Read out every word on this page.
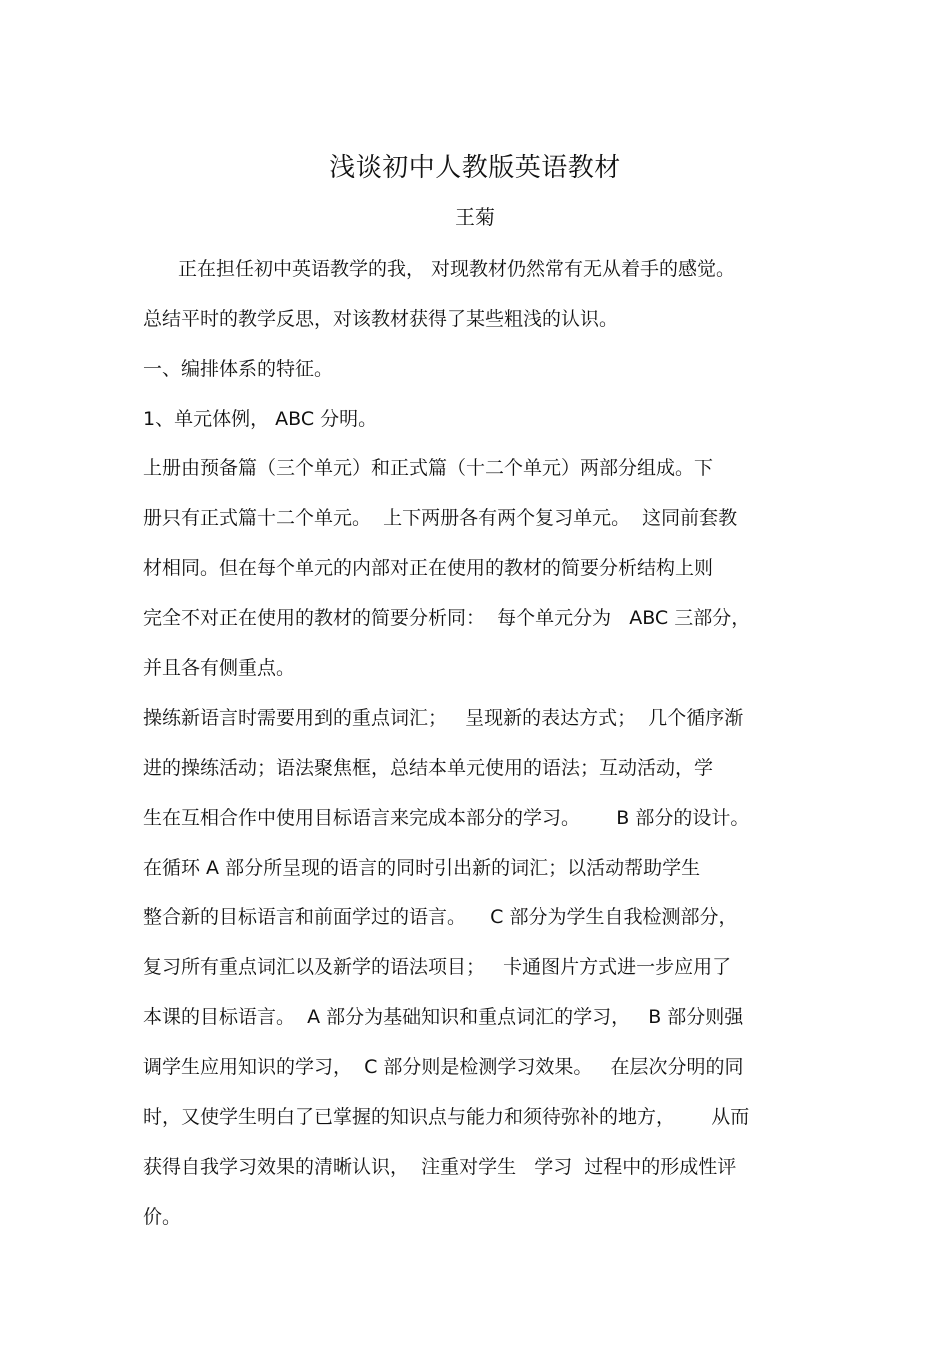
浅谈初中人教版英语教材
王菊
正在担任初中英语教学的我， 对现教材仍然常有无从着手的感觉。
总结平时的教学反思，对该教材获得了某些粗浅的认识。
一、编排体系的特征。
1、单元体例， ABC 分明。
上册由预备篇（三个单元）和正式篇（十二个单元）两部分组成。下
册只有正式篇十二个单元。  上下两册各有两个复习单元。  这同前套教
材相同。但在每个单元的内部对正在使用的教材的简要分析结构上则
完全不对正在使用的教材的简要分析同：  每个单元分为   ABC 三部分，
并且各有侧重点。
操练新语言时需要用到的重点词汇；   呈现新的表达方式；  几个循序渐
进的操练活动；语法聚焦框，总结本单元使用的语法；互动活动，学
生在互相合作中使用目标语言来完成本部分的学习。      B 部分的设计。
在循环 A 部分所呈现的语言的同时引出新的词汇；以活动帮助学生
整合新的目标语言和前面学过的语言。    C 部分为学生自我检测部分，
复习所有重点词汇以及新学的语法项目；   卡通图片方式进一步应用了
本课的目标语言。  A 部分为基础知识和重点词汇的学习，   B 部分则强
调学生应用知识的学习，  C 部分则是检测学习效果。   在层次分明的同
时，又使学生明白了已掌握的知识点与能力和须待弥补的地方，      从而
获得自我学习效果的清晰认识，  注重对学生   学习  过程中的形成性评
价。
